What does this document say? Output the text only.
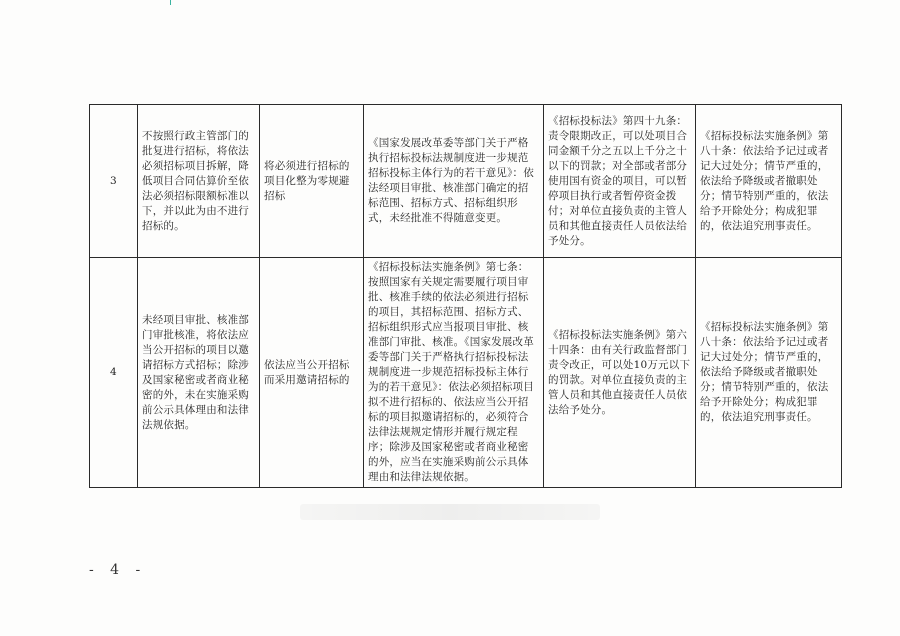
3	不按照行政主管部门的批复进行招标，将依法必须招标项目拆解，降低项目合同估算价至依法必须招标限额标准以下，并以此为由不进行招标的。	将必须进行招标的项目化整为零规避招标	《国家发展改革委等部门关于严格执行招标投标法规制度进一步规范招标投标主体行为的若干意见》：依法经项目审批、核准部门确定的招标范围、招标方式、招标组织形式，未经批准不得随意变更。	《招标投标法》第四十九条：责令限期改正，可以处项目合同金额千分之五以上千分之十以下的罚款；对全部或者部分使用国有资金的项目，可以暂停项目执行或者暂停资金拨付；对单位直接负责的主管人员和其他直接责任人员依法给予处分。	《招标投标法实施条例》第八十条：依法给予记过或者记大过处分；情节严重的，依法给予降级或者撤职处分；情节特别严重的，依法给予开除处分；构成犯罪的，依法追究刑事责任。
4	未经项目审批、核准部门审批核准，将依法应当公开招标的项目以邀请招标方式招标；除涉及国家秘密或者商业秘密的外，未在实施采购前公示具体理由和法律法规依据。	依法应当公开招标而采用邀请招标的	《招标投标法实施条例》第七条：按照国家有关规定需要履行项目审批、核准手续的依法必须进行招标的项目，其招标范围、招标方式、招标组织形式应当报项目审批、核准部门审批、核准。《国家发展改革委等部门关于严格执行招标投标法规制度进一步规范招标投标主体行为的若干意见》：依法必须招标项目拟不进行招标的、依法应当公开招标的项目拟邀请招标的，必须符合法律法规规定情形并履行规定程序；除涉及国家秘密或者商业秘密的外，应当在实施采购前公示具体理由和法律法规依据。	《招标投标法实施条例》第六十四条：由有关行政监督部门责令改正，可以处10万元以下的罚款。对单位直接负责的主管人员和其他直接责任人员依法给予处分。	《招标投标法实施条例》第八十条：依法给予记过或者记大过处分；情节严重的，依法给予降级或者撤职处分；情节特别严重的，依法给予开除处分；构成犯罪的，依法追究刑事责任。
- 4 -
